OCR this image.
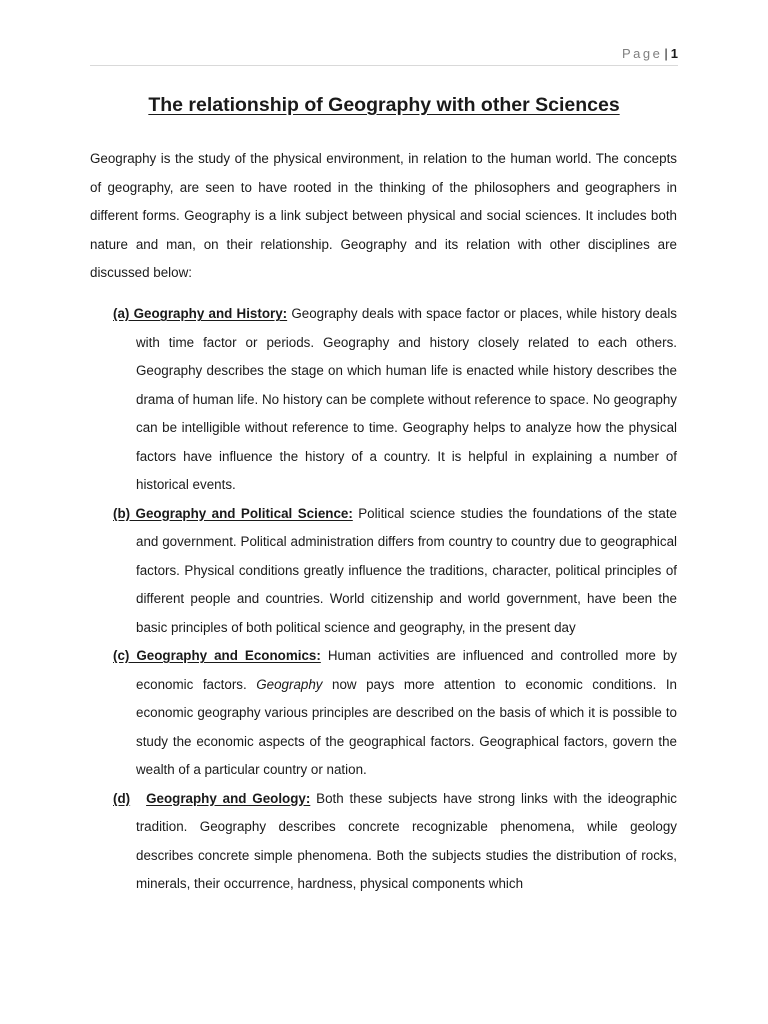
Page | 1
The relationship of Geography with other Sciences

Geography is the study of the physical environment, in relation to the human world. The concepts of geography, are seen to have rooted in the thinking of the philosophers and geographers in different forms. Geography is a link subject between physical and social sciences. It includes both nature and man, on their relationship. Geography and its relation with other disciplines are discussed below:

(a) Geography and History: Geography deals with space factor or places, while history deals with time factor or periods. Geography and history closely related to each others. Geography describes the stage on which human life is enacted while history describes the drama of human life. No history can be complete without reference to space. No geography can be intelligible without reference to time. Geography helps to analyze how the physical factors have influence the history of a country. It is helpful in explaining a number of historical events.
(b) Geography and Political Science: Political science studies the foundations of the state and government. Political administration differs from country to country due to geographical factors. Physical conditions greatly influence the traditions, character, political principles of different people and countries. World citizenship and world government, have been the basic principles of both political science and geography, in the present day
(c) Geography and Economics: Human activities are influenced and controlled more by economic factors. Geography now pays more attention to economic conditions. In economic geography various principles are described on the basis of which it is possible to study the economic aspects of the geographical factors. Geographical factors, govern the wealth of a particular country or nation.
(d) Geography and Geology: Both these subjects have strong links with the ideographic tradition. Geography describes concrete recognizable phenomena, while geology describes concrete simple phenomena. Both the subjects studies the distribution of rocks, minerals, their occurrence, hardness, physical components which
